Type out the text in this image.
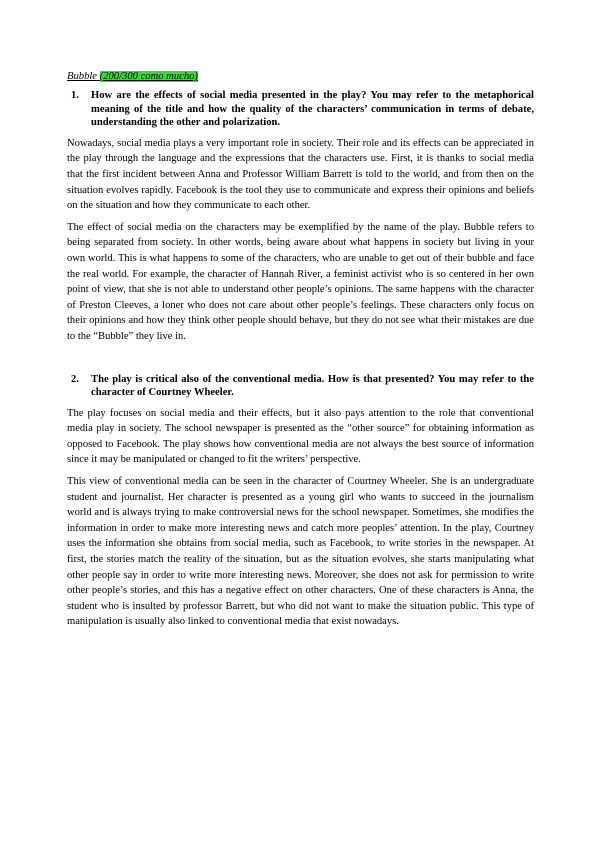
Bubble (200/300 como mucho)
1.	How are the effects of social media presented in the play? You may refer to the metaphorical meaning of the title and how the quality of the characters’ communication in terms of debate, understanding the other and polarization.

Nowadays, social media plays a very important role in society. Their role and its effects can be appreciated in the play through the language and the expressions that the characters use. First, it is thanks to social media that the first incident between Anna and Professor William Barrett is told to the world, and from then on the situation evolves rapidly. Facebook is the tool they use to communicate and express their opinions and beliefs on the situation and how they communicate to each other.

The effect of social media on the characters may be exemplified by the name of the play. Bubble refers to being separated from society. In other words, being aware about what happens in society but living in your own world. This is what happens to some of the characters, who are unable to get out of their bubble and face the real world. For example, the character of Hannah River, a feminist activist who is so centered in her own point of view, that she is not able to understand other people’s opinions. The same happens with the character of Preston Cleeves, a loner who does not care about other people’s feelings. These characters only focus on their opinions and how they think other people should behave, but they do not see what their mistakes are due to the “Bubble” they live in.

2.	The play is critical also of the conventional media. How is that presented? You may refer to the character of Courtney Wheeler.

The play focuses on social media and their effects, but it also pays attention to the role that conventional media play in society. The school newspaper is presented as the “other source” for obtaining information as opposed to Facebook. The play shows how conventional media are not always the best source of information since it may be manipulated or changed to fit the writers’ perspective.

This view of conventional media can be seen in the character of Courtney Wheeler. She is an undergraduate student and journalist. Her character is presented as a young girl who wants to succeed in the journalism world and is always trying to make controversial news for the school newspaper. Sometimes, she modifies the information in order to make more interesting news and catch more peoples’ attention. In the play, Courtney uses the information she obtains from social media, such as Facebook, to write stories in the newspaper. At first, the stories match the reality of the situation, but as the situation evolves, she starts manipulating what other people say in order to write more interesting news. Moreover, she does not ask for permission to write other people’s stories, and this has a negative effect on other characters. One of these characters is Anna, the student who is insulted by professor Barrett, but who did not want to make the situation public. This type of manipulation is usually also linked to conventional media that exist nowadays.
